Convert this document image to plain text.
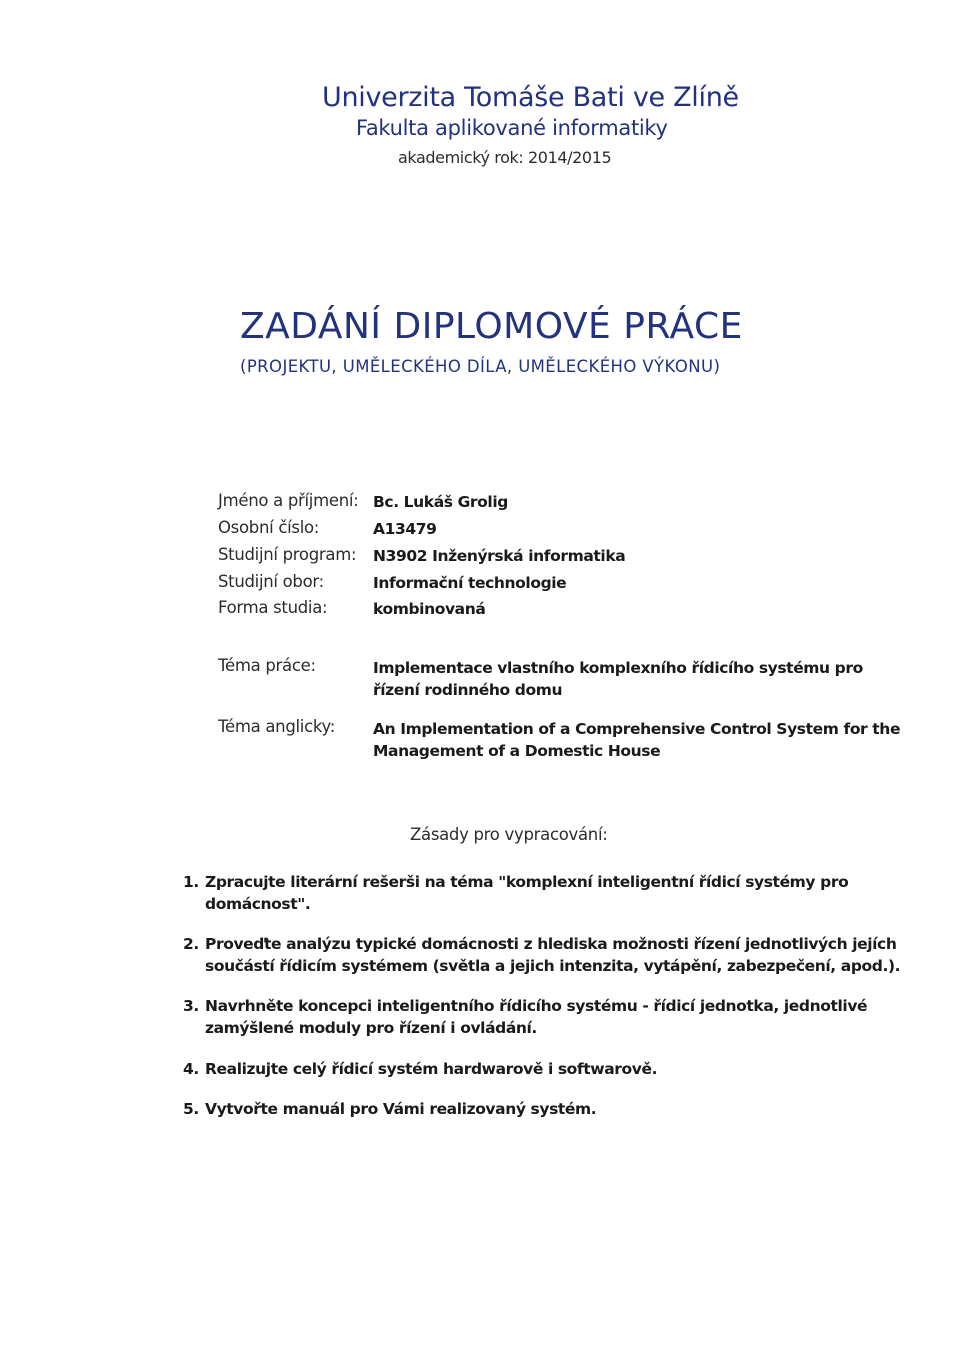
Univerzita Tomáše Bati ve Zlíně
Fakulta aplikované informatiky
akademický rok: 2014/2015
ZADÁNÍ DIPLOMOVÉ PRÁCE
(PROJEKTU, UMĚLECKÉHO DÍLA, UMĚLECKÉHO VÝKONU)
Jméno a příjmení: Bc. Lukáš Grolig
Osobní číslo:	A13479
Studijní program: N3902 Inženýrská informatika
Studijní obor:	Informační technologie
Forma studia:	kombinovaná
Téma práce:	Implementace vlastního komplexního řídicího systému pro
řízení rodinného domu
Téma anglicky: An Implementation of a Comprehensive Control System for the
Management of a Domestic House
Zásady pro vypracování:
1. Zpracujte literární rešerši na téma "komplexní inteligentní řídicí systémy pro
domácnost".
2. Proveďte analýzu typické domácnosti z hlediska možnosti řízení jednotlivých jejích
součástí řídicím systémem (světla a jejich intenzita, vytápění, zabezpečení, apod.).
3. Navrhněte koncepci inteligentního řídicího systému - řídicí jednotka, jednotlivé
zamýšlené moduly pro řízení i ovládání.
4. Realizujte celý řídicí systém hardwarově i softwarově.
5. Vytvořte manuál pro Vámi realizovaný systém.
